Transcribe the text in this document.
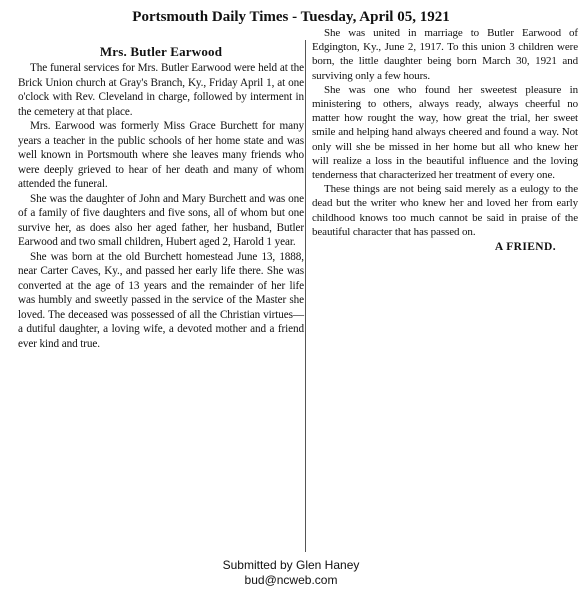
Portsmouth Daily Times - Tuesday, April 05, 1921
Mrs. Butler Earwood

The funeral services for Mrs. Butler Earwood were held at the Brick Union church at Gray's Branch, Ky., Friday April 1, at one o'clock with Rev. Cleveland in charge, followed by interment in the cemetery at that place.

Mrs. Earwood was formerly Miss Grace Burchett for many years a teacher in the public schools of her home state and was well known in Portsmouth where she leaves many friends who were deeply grieved to hear of her death and many of whom attended the funeral.

She was the daughter of John and Mary Burchett and was one of a family of five daughters and five sons, all of whom but one survive her, as does also her aged father, her husband, Butler Earwood and two small children, Hubert aged 2, Harold 1 year.

She was born at the old Burchett homestead June 13, 1888, near Carter Caves, Ky., and passed her early life there. She was converted at the age of 13 years and the remainder of her life was humbly and sweetly passed in the service of the Master she loved. The deceased was possessed of all the Christian virtues—a dutiful daughter, a loving wife, a devoted mother and a friend ever kind and true.

She was united in marriage to Butler Earwood of Edgington, Ky., June 2, 1917. To this union 3 children were born, the little daughter being born March 30, 1921 and surviving only a few hours.

She was one who found her sweetest pleasure in ministering to others, always ready, always cheerful no matter how rought the way, how great the trial, her sweet smile and helping hand always cheered and found a way. Not only will she be missed in her home but all who knew her will realize a loss in the beautiful influence and the loving tenderness that characterized her treatment of every one.

These things are not being said merely as a eulogy to the dead but the writer who knew her and loved her from early childhood knows too much cannot be said in praise of the beautiful character that has passed on.

A FRIEND.
Submitted by Glen Haney
bud@ncweb.com
